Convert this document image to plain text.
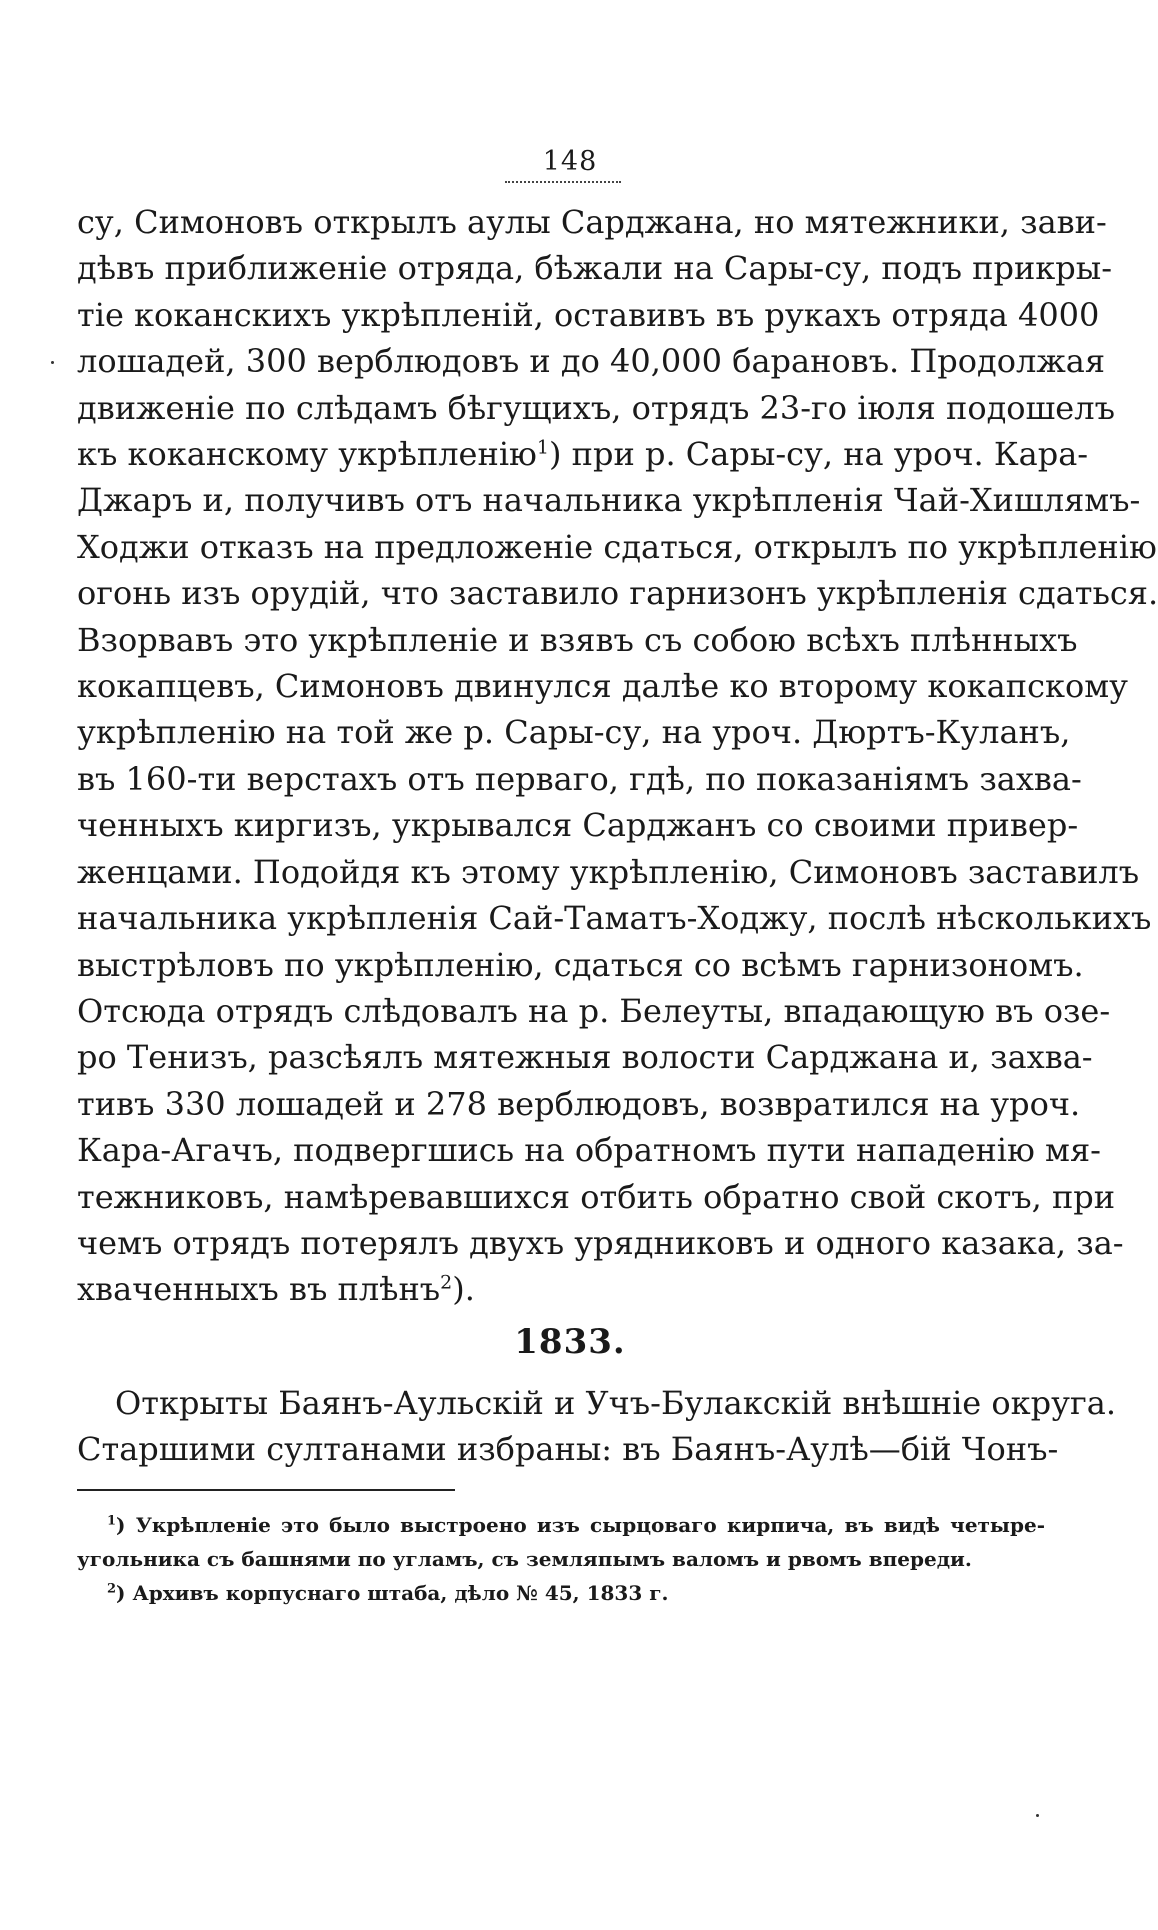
148
су, Симоновъ открылъ аулы Сарджана, но мятежники, зави-
дѣвъ приближеніе отряда, бѣжали на Сары-су, подъ прикры-
тіе коканскихъ укрѣпленій, оставивъ въ рукахъ отряда 4000
лошадей, 300 верблюдовъ и до 40,000 барановъ. Продолжая
движеніе по слѣдамъ бѣгущихъ, отрядъ 23-го іюля подошелъ
къ коканскому укрѣпленію$^1$) при р. Сары-су, на уроч. Кара-
Джаръ и, получивъ отъ начальника укрѣпленія Чай-Хишлямъ-
Ходжи отказъ на предложеніе сдаться, открылъ по укрѣпленію
огонь изъ орудій, что заставило гарнизонъ укрѣпленія сдаться.
Взорвавъ это укрѣпленіе и взявъ съ собою всѣхъ плѣнныхъ
кокапцевъ, Симоновъ двинулся далѣе ко второму кокапскому
укрѣпленію на той же р. Сары-су, на уроч. Дюртъ-Куланъ,
въ 160-ти верстахъ отъ перваго, гдѣ, по показаніямъ захва-
ченныхъ киргизъ, укрывался Сарджанъ со своими привер-
женцами. Подойдя къ этому укрѣпленію, Симоновъ заставилъ
начальника укрѣпленія Сай-Таматъ-Ходжу, послѣ нѣсколькихъ
выстрѣловъ по укрѣпленію, сдаться со всѣмъ гарнизономъ.
Отсюда отрядъ слѣдовалъ на р. Белеуты, впадающую въ озе-
ро Тенизъ, разсѣялъ мятежныя волости Сарджана и, захва-
тивъ 330 лошадей и 278 верблюдовъ, возвратился на уроч.
Кара-Агачъ, подвергшись на обратномъ пути нападенію мя-
тежниковъ, намѣревавшихся отбить обратно свой скотъ, при
чемъ отрядъ потерялъ двухъ урядниковъ и одного казака, за-
хваченныхъ въ плѣнъ$^2$).
1833.
Открыты Баянъ-Аульскій и Учъ-Булакскій внѣшніе округа.
Старшими султанами избраны: въ Баянъ-Аулѣ—бій Чонъ-
$^1$) Укрѣпленіе это было выстроено изъ сырцоваго кирпича, въ видѣ четыре-
угольника съ башнями по угламъ, съ земляпымъ валомъ и рвомъ впереди.
$^2$) Архивъ корпуснаго штаба, дѣло № 45, 1833 г.
